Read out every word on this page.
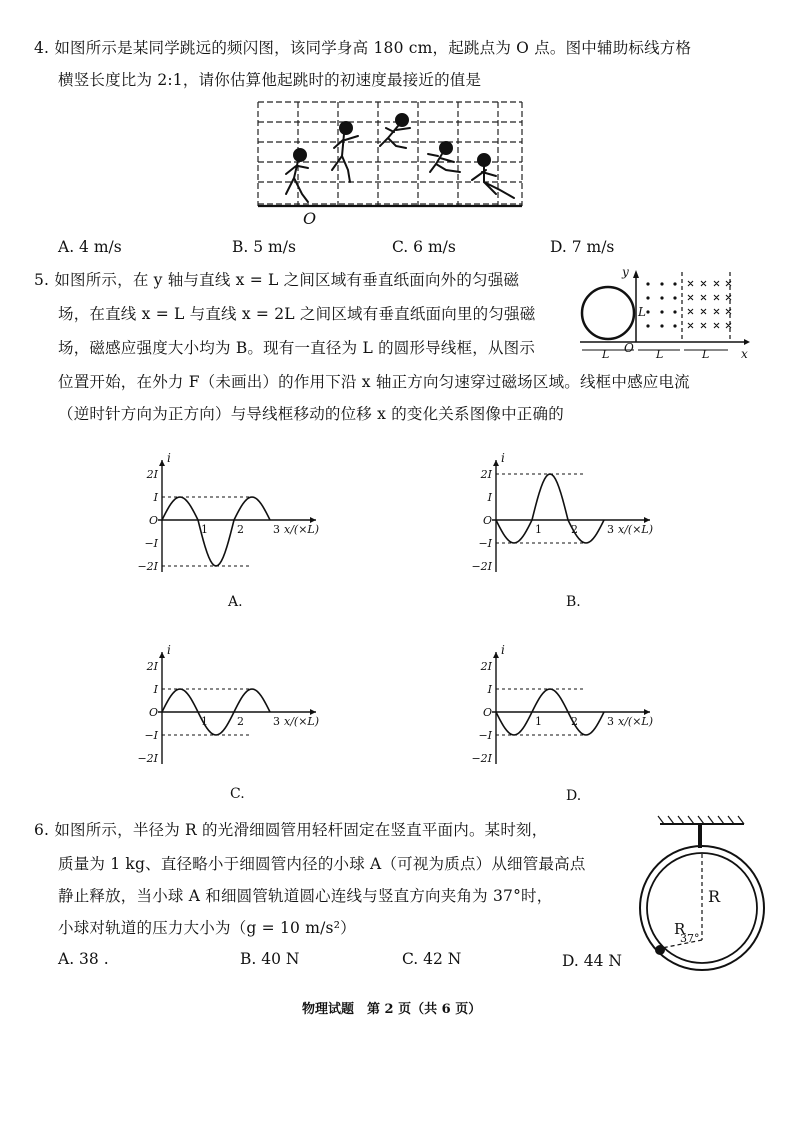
4. 如图所示是某同学跳远的频闪图，该同学身高 180 cm，起跳点为 O 点。图中辅助标线方格
横竖长度比为 2:1，请你估算他起跳时的初速度最接近的值是
O
A. 4 m/s	B. 5 m/s	C. 6 m/s	D. 7 m/s
5. 如图所示，在 y 轴与直线 x = L 之间区域有垂直纸面向外的匀强磁
场，在直线 x = L 与直线 x = 2L 之间区域有垂直纸面向里的匀强磁
场，磁感应强度大小均为 B。现有一直径为 L 的圆形导线框，从图示
位置开始，在外力 F（未画出）的作用下沿 x 轴正方向匀速穿过磁场区域。线框中感应电流
（逆时针方向为正方向）与导线框移动的位移 x 的变化关系图像中正确的
y
x
O
L
L	L	L
2I
I
O
−I
−2I
1	2	3 x/(×L)
i
2I
I
O
−I
−2I
1	2	3 x/(×L)
i
2I
I
O
−I
−2I
1	2	3 x/(×L)
i
2I
I
O
−I
−2I
1	2	3 x/(×L)
i
A.	B.
C.	D.
6. 如图所示，半径为 R 的光滑细圆管用轻杆固定在竖直平面内。某时刻，
质量为 1 kg、直径略小于细圆管内径的小球 A（可视为质点）从细管最高点
静止释放，当小球 A 和细圆管轨道圆心连线与竖直方向夹角为 37°时，
小球对轨道的压力大小为（g = 10 m/s²）
R
R
37°
A. 38 .	B. 40 N	C. 42 N	D. 44 N
物理试题　第 2 页（共 6 页）
